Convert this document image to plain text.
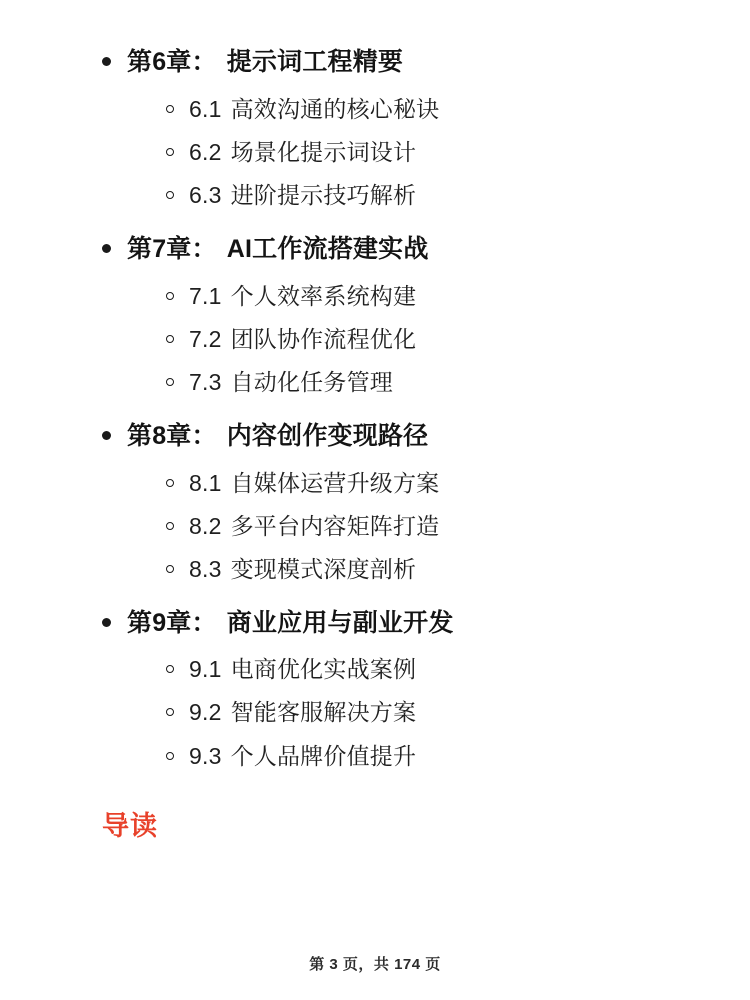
第6章： 提示词工程精要
6.1 高效沟通的核心秘诀
6.2 场景化提示词设计
6.3 进阶提示技巧解析
第7章： AI工作流搭建实战
7.1 个人效率系统构建
7.2 团队协作流程优化
7.3 自动化任务管理
第8章： 内容创作变现路径
8.1 自媒体运营升级方案
8.2 多平台内容矩阵打造
8.3 变现模式深度剖析
第9章： 商业应用与副业开发
9.1 电商优化实战案例
9.2 智能客服解决方案
9.3 个人品牌价值提升
导读
第 3 页，共 174 页
